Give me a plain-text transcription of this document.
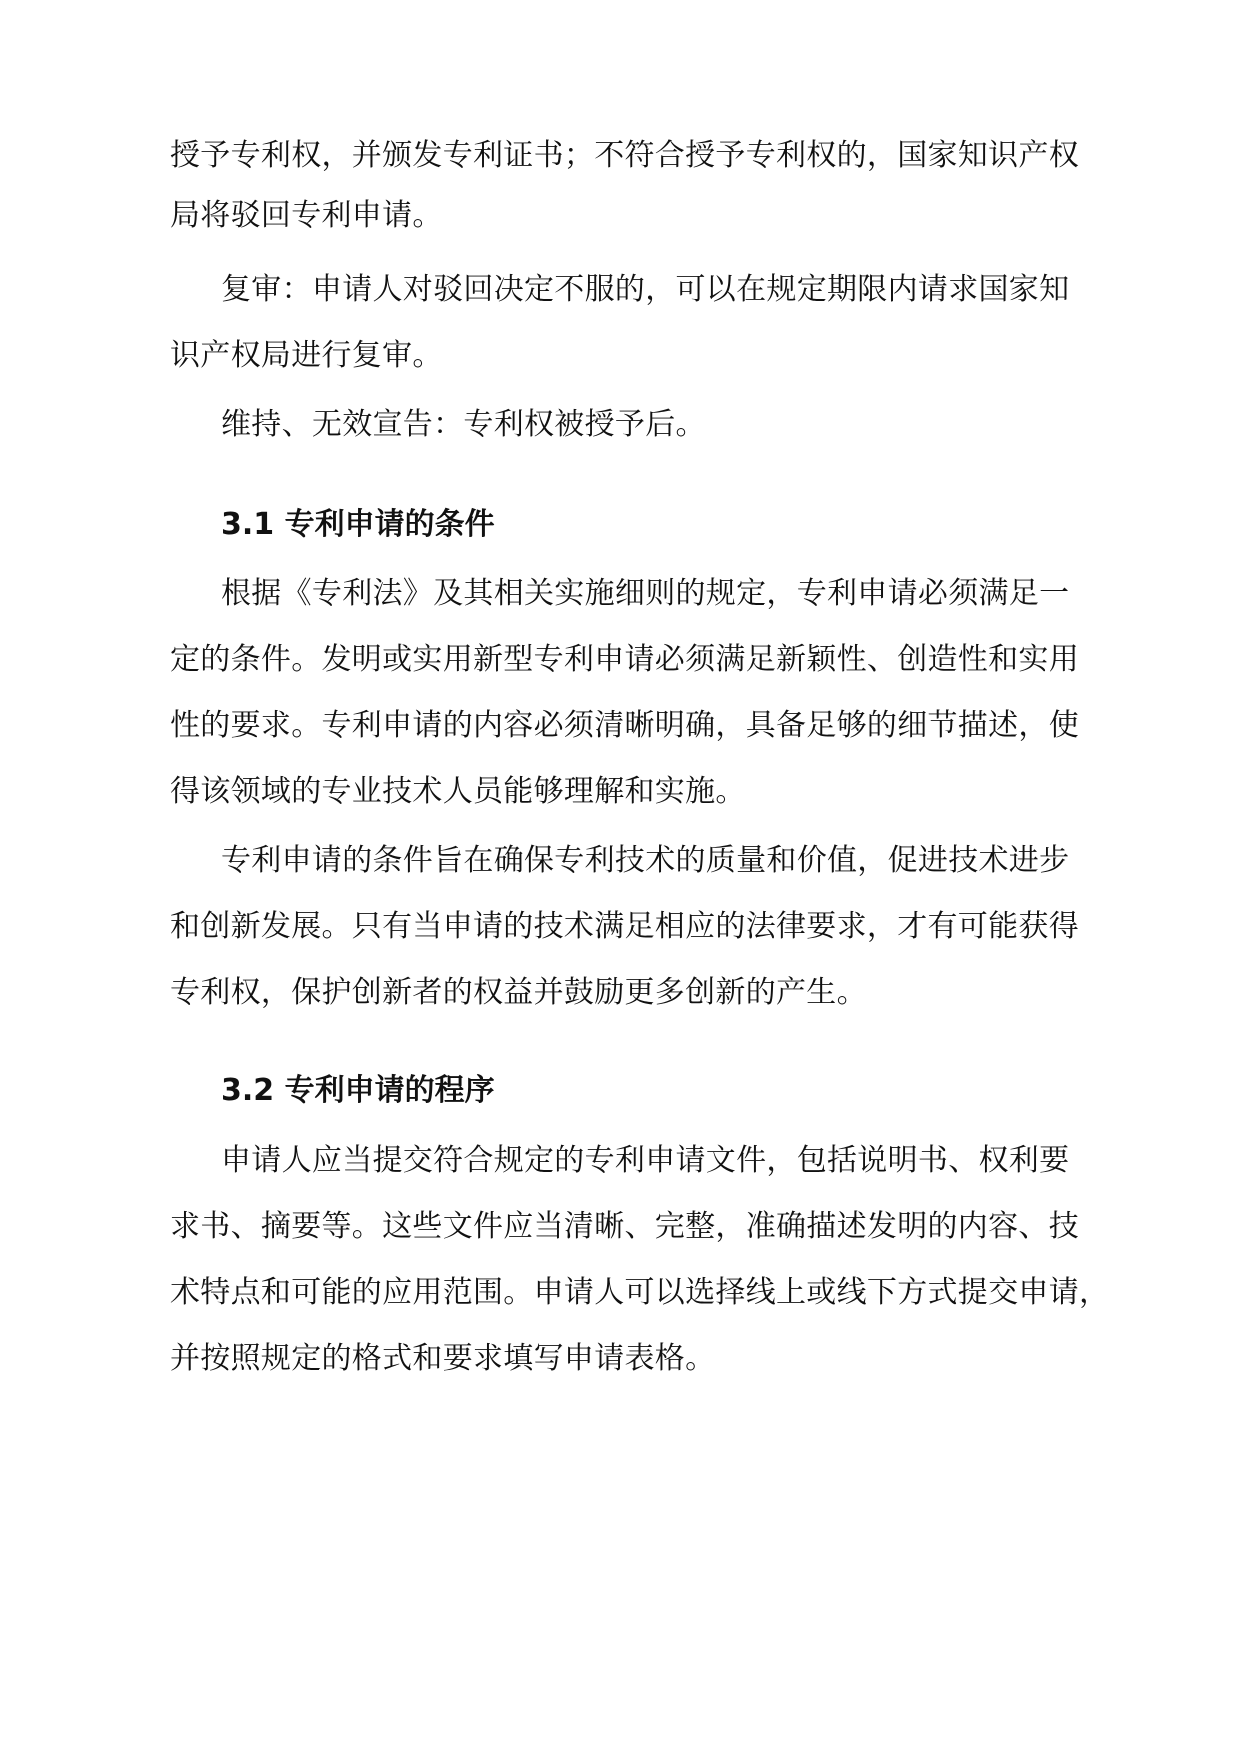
授予专利权，并颁发专利证书；不符合授予专利权的，国家知识产权
局将驳回专利申请。
复审：申请人对驳回决定不服的，可以在规定期限内请求国家知
识产权局进行复审。
维持、无效宣告：专利权被授予后。
3.1 专利申请的条件
根据《专利法》及其相关实施细则的规定，专利申请必须满足一
定的条件。发明或实用新型专利申请必须满足新颖性、创造性和实用
性的要求。专利申请的内容必须清晰明确，具备足够的细节描述，使
得该领域的专业技术人员能够理解和实施。
专利申请的条件旨在确保专利技术的质量和价值，促进技术进步
和创新发展。只有当申请的技术满足相应的法律要求，才有可能获得
专利权，保护创新者的权益并鼓励更多创新的产生。
3.2 专利申请的程序
申请人应当提交符合规定的专利申请文件，包括说明书、权利要
求书、摘要等。这些文件应当清晰、完整，准确描述发明的内容、技
术特点和可能的应用范围。申请人可以选择线上或线下方式提交申请，
并按照规定的格式和要求填写申请表格。
